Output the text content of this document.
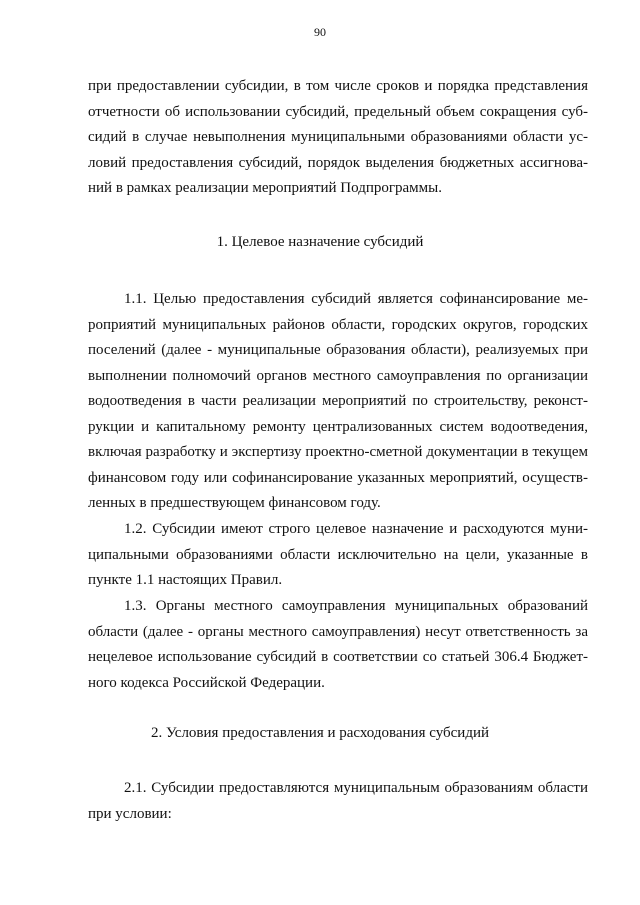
90
при предоставлении субсидии, в том числе сроков и порядка представления
отчетности об использовании субсидий, предельный объем сокращения суб-
сидий в случае невыполнения муниципальными образованиями области ус-
ловий предоставления субсидий, порядок выделения бюджетных ассигнова-
ний в рамках реализации мероприятий Подпрограммы.
1. Целевое назначение субсидий
1.1. Целью предоставления субсидий является софинансирование ме-
роприятий муниципальных районов области, городских округов, городских
поселений (далее - муниципальные образования области), реализуемых при
выполнении полномочий органов местного самоуправления по организации
водоотведения в части реализации мероприятий по строительству, реконст-
рукции и капитальному ремонту централизованных систем водоотведения,
включая разработку и экспертизу проектно-сметной документации в текущем
финансовом году или софинансирование указанных мероприятий, осуществ-
ленных в предшествующем финансовом году.
1.2. Субсидии имеют строго целевое назначение и расходуются муни-
ципальными образованиями области исключительно на цели, указанные в
пункте 1.1 настоящих Правил.
1.3. Органы местного самоуправления муниципальных образований
области (далее - органы местного самоуправления) несут ответственность за
нецелевое использование субсидий в соответствии со статьей 306.4 Бюджет-
ного кодекса Российской Федерации.
2. Условия предоставления и расходования субсидий
2.1. Субсидии предоставляются муниципальным образованиям области
при условии:
